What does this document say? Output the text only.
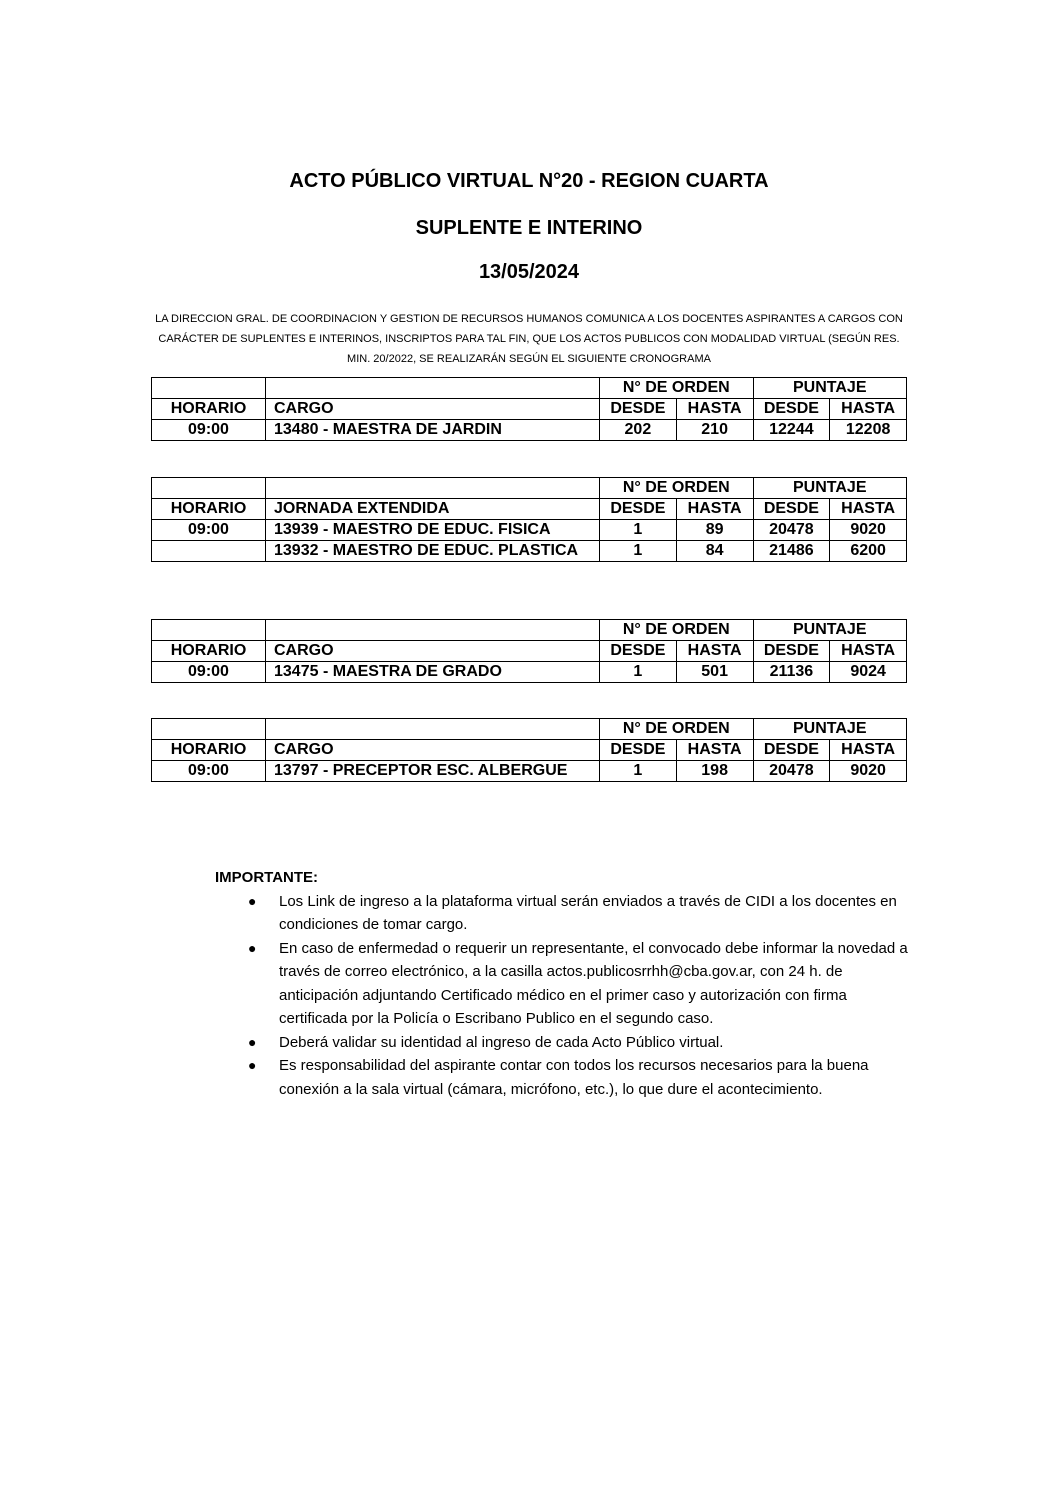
ACTO PÚBLICO VIRTUAL N°20 - REGION CUARTA
SUPLENTE E INTERINO
13/05/2024

LA DIRECCION GRAL. DE COORDINACION Y GESTION DE RECURSOS HUMANOS COMUNICA A LOS DOCENTES ASPIRANTES A CARGOS CON CARÁCTER DE SUPLENTES E INTERINOS, INSCRIPTOS PARA TAL FIN, QUE LOS ACTOS PUBLICOS CON MODALIDAD VIRTUAL (SEGÚN RES. MIN. 20/2022, SE REALIZARÁN SEGÚN EL SIGUIENTE CRONOGRAMA

		N° DE ORDEN		PUNTAJE	
HORARIO	CARGO	DESDE	HASTA	DESDE	HASTA
09:00	13480 - MAESTRA DE JARDIN	202	210	12244	12208
		N° DE ORDEN		PUNTAJE	
HORARIO	JORNADA EXTENDIDA	DESDE	HASTA	DESDE	HASTA
09:00	13939 - MAESTRO DE EDUC. FISICA	1	89	20478	9020
	13932 - MAESTRO DE EDUC. PLASTICA	1	84	21486	6200
		N° DE ORDEN		PUNTAJE	
HORARIO	CARGO	DESDE	HASTA	DESDE	HASTA
09:00	13475 - MAESTRA DE GRADO	1	501	21136	9024
		N° DE ORDEN		PUNTAJE	
HORARIO	CARGO	DESDE	HASTA	DESDE	HASTA
09:00	13797 - PRECEPTOR ESC. ALBERGUE	1	198	20478	9020
IMPORTANTE:
● Los Link de ingreso a la plataforma virtual serán enviados a través de CIDI a los docentes en condiciones de tomar cargo.
● En caso de enfermedad o requerir un representante, el convocado debe informar la novedad a través de correo electrónico, a la casilla actos.publicosrrhh@cba.gov.ar, con 24 h. de anticipación adjuntando Certificado médico en el primer caso y autorización con firma certificada por la Policía o Escribano Publico en el segundo caso.
● Deberá validar su identidad al ingreso de cada Acto Público virtual.
● Es responsabilidad del aspirante contar con todos los recursos necesarios para la buena conexión a la sala virtual (cámara, micrófono, etc.), lo que dure el acontecimiento.
